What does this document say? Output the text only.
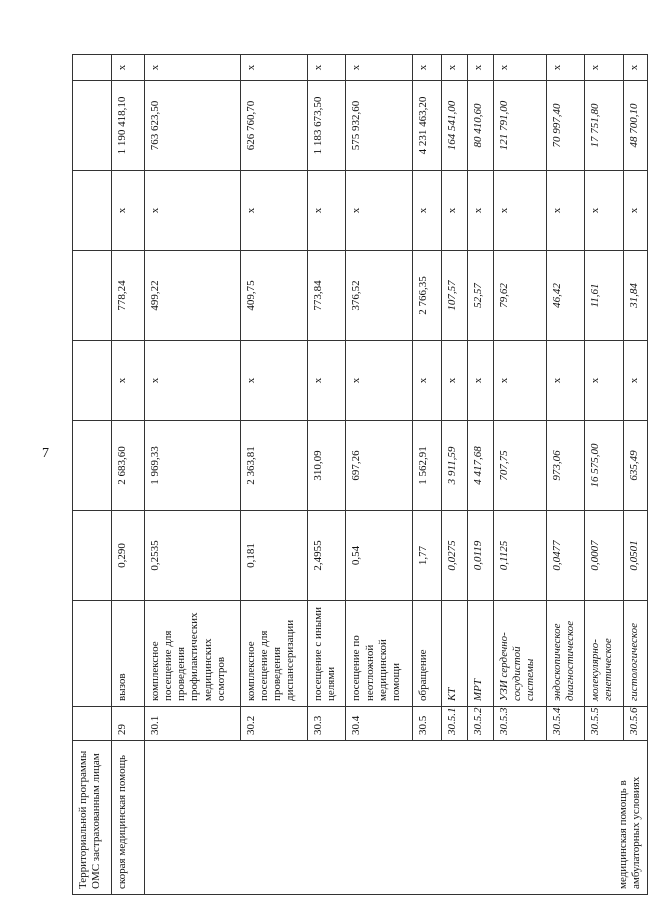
7
Территориальной программы ОМС застрахованным лицам									
скорая медицинская помощь	29	вызов	0,290	2 683,60	х	778,24	х	1 190 418,10	х
медицинская помощь в амбулаторных условиях	30.1	комплексное посещение для проведения профилактических медицинских осмотров	0,2535	1 969,33	х	499,22	х	763 623,50	х
	30.2	комплексное посещение для проведения диспансеризации	0,181	2 363,81	х	409,75	х	626 760,70	х
	30.3	посещение с иными целями	2,4955	310,09	х	773,84	х	1 183 673,50	х
	30.4	посещение по неотложной медицинской помощи	0,54	697,26	х	376,52	х	575 932,60	х
	30.5	обращение	1,77	1 562,91	х	2 766,35	х	4 231 463,20	х
	30.5.1	КТ	0,0275	3 911,59	х	107,57	х	164 541,00	х
	30.5.2	МРТ	0,0119	4 417,68	х	52,57	х	80 410,60	х
	30.5.3	УЗИ сердечно-сосудистой системы	0,1125	707,75	х	79,62	х	121 791,00	х
	30.5.4	эндоскопическое диагностическое	0,0477	973,06	х	46,42	х	70 997,40	х
	30.5.5	молекулярно-генетическое	0,0007	16 575,00	х	11,61	х	17 751,80	х
	30.5.6	гистологическое	0,0501	635,49	х	31,84	х	48 700,10	х
